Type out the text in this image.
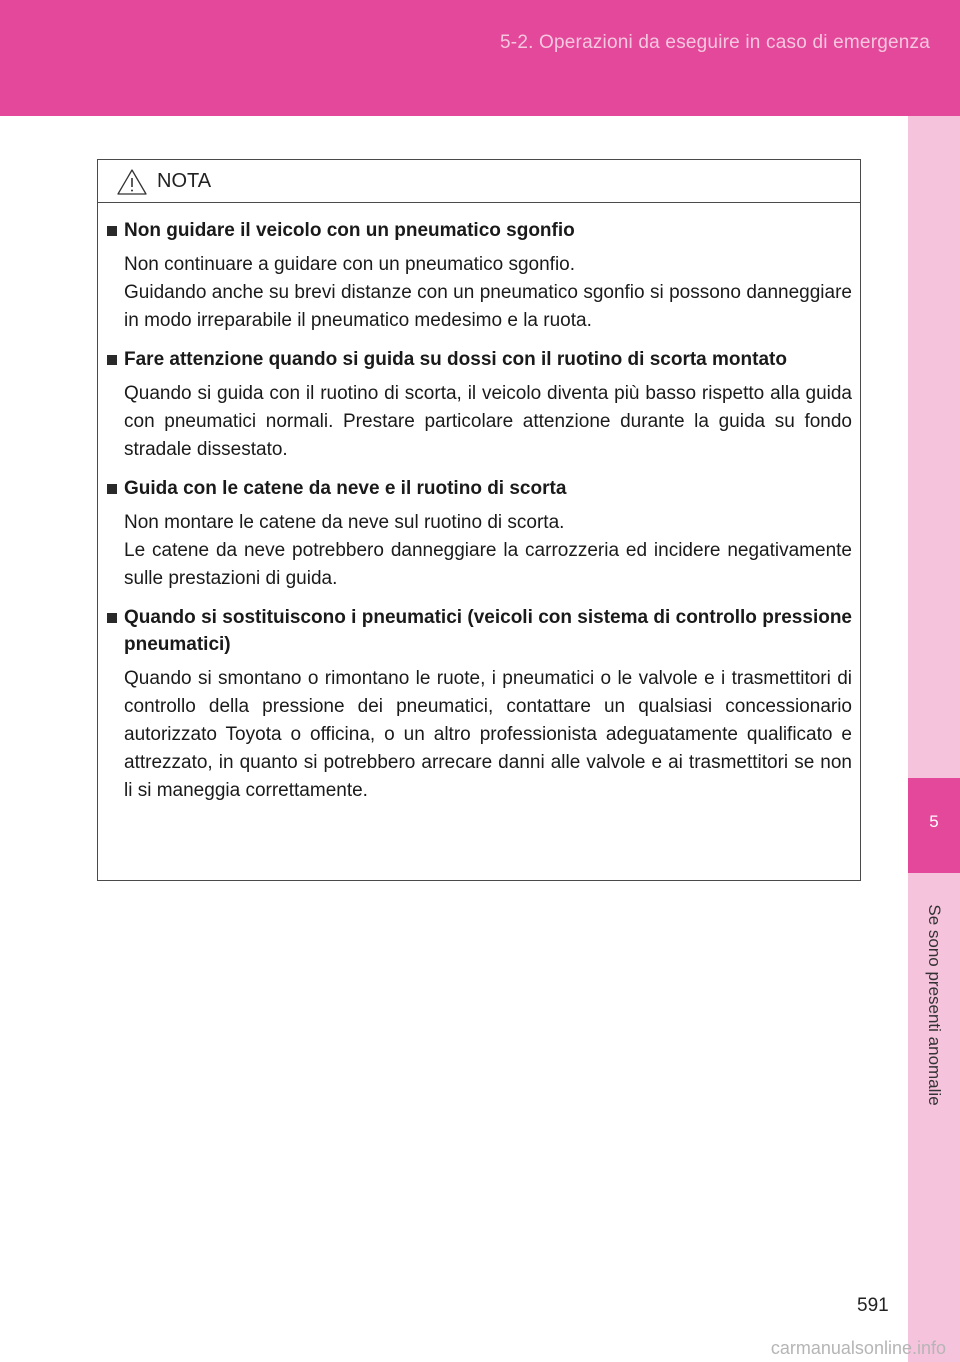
5-2. Operazioni da eseguire in caso di emergenza
5
Se sono presenti anomalie
NOTA
Non guidare il veicolo con un pneumatico sgonfio

Non continuare a guidare con un pneumatico sgonfio.

Guidando anche su brevi distanze con un pneumatico sgonfio si possono danneggiare in modo irreparabile il pneumatico medesimo e la ruota.

Fare attenzione quando si guida su dossi con il ruotino di scorta montato

Quando si guida con il ruotino di scorta, il veicolo diventa più basso rispetto alla guida con pneumatici normali. Prestare particolare attenzione durante la guida su fondo stradale dissestato.

Guida con le catene da neve e il ruotino di scorta

Non montare le catene da neve sul ruotino di scorta.

Le catene da neve potrebbero danneggiare la carrozzeria ed incidere negativamente sulle prestazioni di guida.

Quando si sostituiscono i pneumatici (veicoli con sistema di controllo pressione pneumatici)

Quando si smontano o rimontano le ruote, i pneumatici o le valvole e i trasmettitori di controllo della pressione dei pneumatici, contattare un qualsiasi concessionario autorizzato Toyota o officina, o un altro professionista adeguatamente qualificato e attrezzato, in quanto si potrebbero arrecare danni alle valvole e ai trasmettitori se non li si maneggia correttamente.

591
carmanualsonline.info
